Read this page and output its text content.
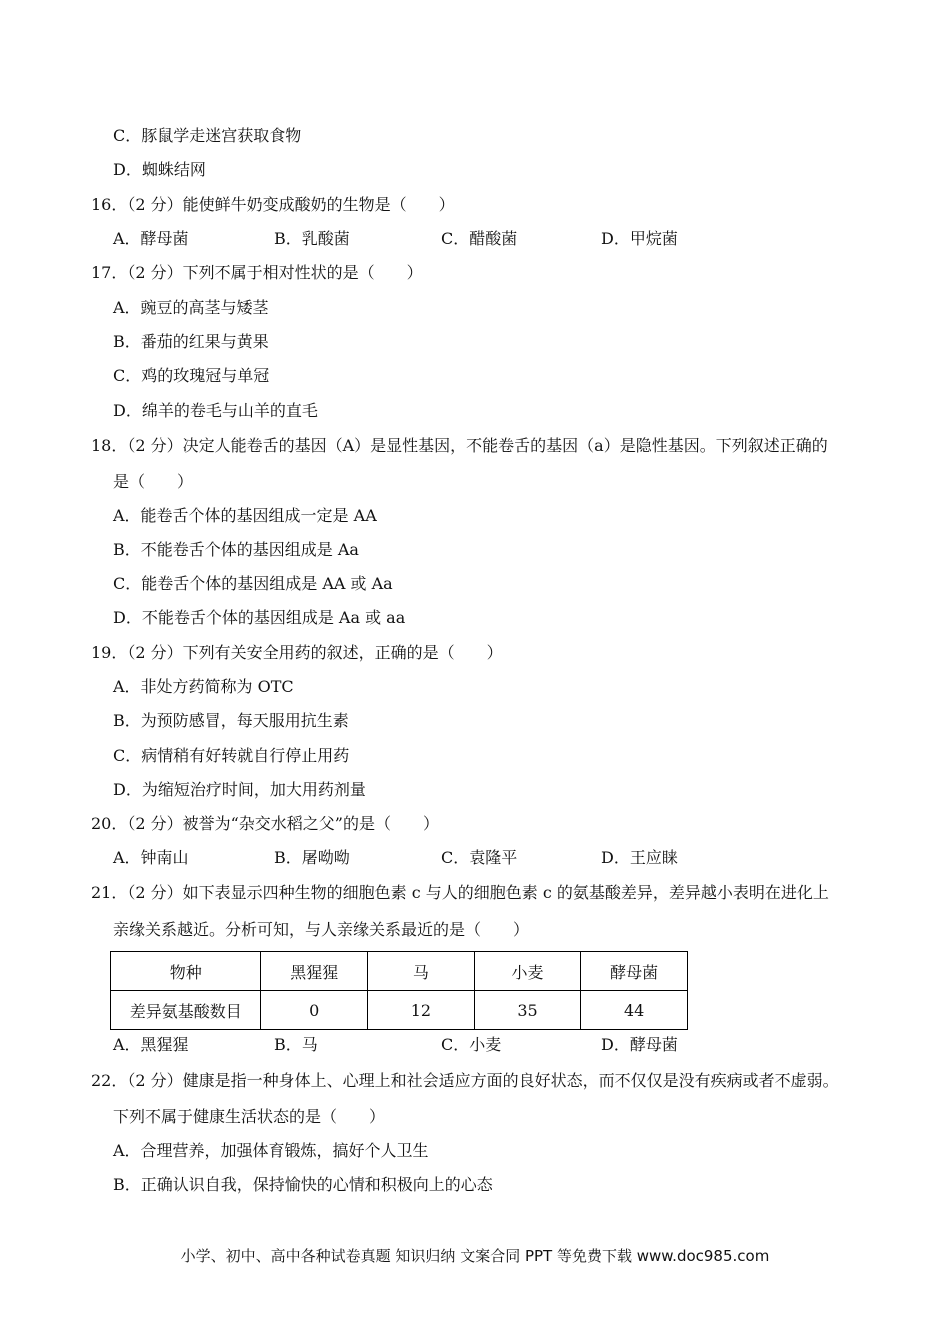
C．豚鼠学走迷宫获取食物
D．蜘蛛结网
16．（2 分）能使鲜牛奶变成酸奶的生物是（　　）
A．酵母菌	B．乳酸菌	C．醋酸菌	D．甲烷菌
17．（2 分）下列不属于相对性状的是（　　）
A．豌豆的高茎与矮茎
B．番茄的红果与黄果
C．鸡的玫瑰冠与单冠
D．绵羊的卷毛与山羊的直毛
18．（2 分）决定人能卷舌的基因（A）是显性基因，不能卷舌的基因（a）是隐性基因。下列叙述正确的
是（　　）
A．能卷舌个体的基因组成一定是 AA
B．不能卷舌个体的基因组成是 Aa
C．能卷舌个体的基因组成是 AA 或 Aa
D．不能卷舌个体的基因组成是 Aa 或 aa
19．（2 分）下列有关安全用药的叙述，正确的是（　　）
A．非处方药简称为 OTC
B．为预防感冒，每天服用抗生素
C．病情稍有好转就自行停止用药
D．为缩短治疗时间，加大用药剂量
20．（2 分）被誉为“杂交水稻之父”的是（　　）
A．钟南山	B．屠呦呦	C．袁隆平	D．王应睐
21．（2 分）如下表显示四种生物的细胞色素 c 与人的细胞色素 c 的氨基酸差异，差异越小表明在进化上
亲缘关系越近。分析可知，与人亲缘关系最近的是（　　）
物种	黑猩猩	马	小麦	酵母菌
差异氨基酸数目	0	12	35	44
A．黑猩猩	B．马	C．小麦	D．酵母菌
22．（2 分）健康是指一种身体上、心理上和社会适应方面的良好状态，而不仅仅是没有疾病或者不虚弱。
下列不属于健康生活状态的是（　　）
A．合理营养，加强体育锻炼，搞好个人卫生
B．正确认识自我，保持愉快的心情和积极向上的心态
小学、初中、高中各种试卷真题 知识归纳 文案合同 PPT 等免费下载 www.doc985.com
